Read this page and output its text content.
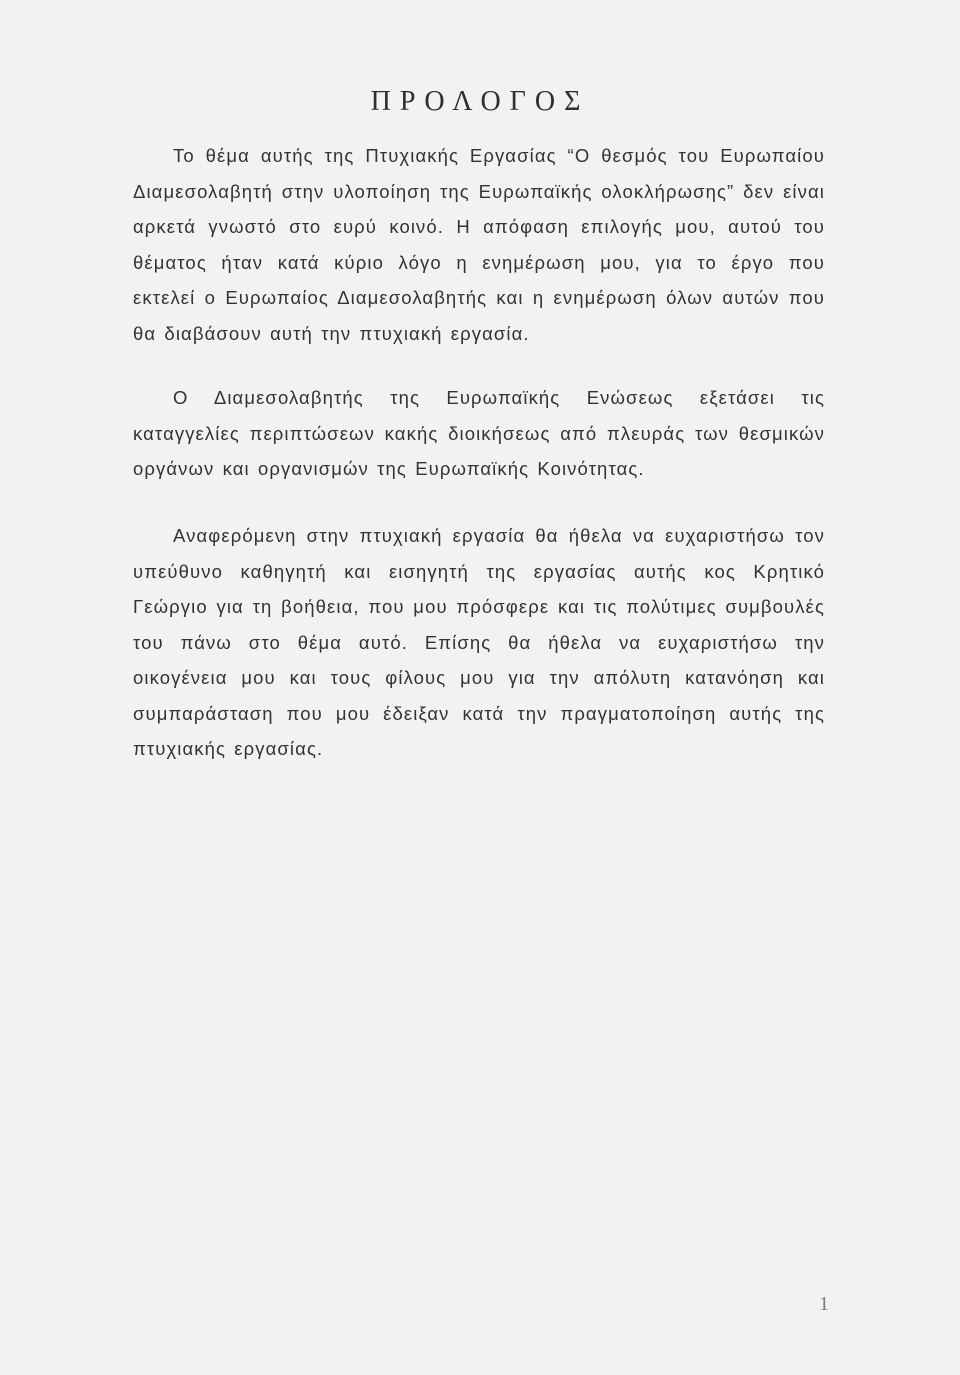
ΠΡΟΛΟΓΟΣ

Το θέμα αυτής της Πτυχιακής Εργασίας “Ο θεσμός του Ευρωπαίου Διαμεσολαβητή στην υλοποίηση της Ευρωπαϊκής ολοκλήρωσης” δεν είναι αρκετά γνωστό στο ευρύ κοινό. Η απόφαση επιλογής μου, αυτού του θέματος ήταν κατά κύριο λόγο η ενημέρωση μου, για το έργο που εκτελεί ο Ευρωπαίος Διαμεσολαβητής και η ενημέρωση όλων αυτών που θα διαβάσουν αυτή την πτυχιακή εργασία.

Ο Διαμεσολαβητής της Ευρωπαϊκής Ενώσεως εξετάσει τις καταγγελίες περιπτώσεων κακής διοικήσεως από πλευράς των θεσμικών οργάνων και οργανισμών της Ευρωπαϊκής Κοινότητας.

Αναφερόμενη στην πτυχιακή εργασία θα ήθελα να ευχαριστήσω τον υπεύθυνο καθηγητή και εισηγητή της εργασίας αυτής κος Κρητικό Γεώργιο για τη βοήθεια, που μου πρόσφερε και τις πολύτιμες συμβουλές του πάνω στο θέμα αυτό. Επίσης θα ήθελα να ευχαριστήσω την οικογένεια μου και τους φίλους μου για την απόλυτη κατανόηση και συμπαράσταση που μου έδειξαν κατά την πραγματοποίηση αυτής της πτυχιακής εργασίας.

1
